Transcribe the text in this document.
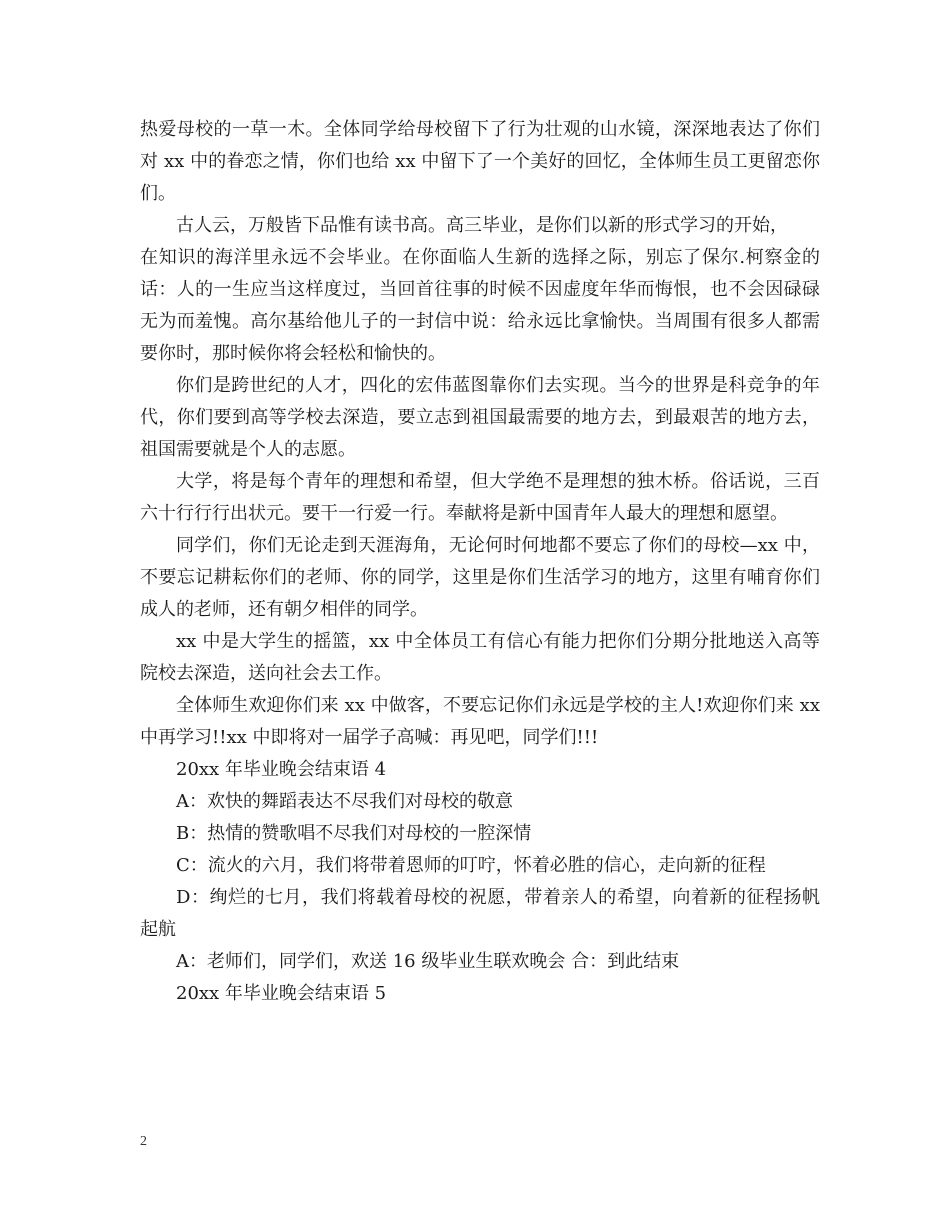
热爱母校的一草一木。全体同学给母校留下了行为壮观的山水镜，深深地表达了你们对 xx 中的眷恋之情，你们也给 xx 中留下了一个美好的回忆，全体师生员工更留恋你们。

古人云，万般皆下品惟有读书高。高三毕业，是你们以新的形式学习的开始，
在知识的海洋里永远不会毕业。在你面临人生新的选择之际，别忘了保尔.柯察金的话：人的一生应当这样度过，当回首往事的时候不因虚度年华而悔恨，也不会因碌碌无为而羞愧。高尔基给他儿子的一封信中说：给永远比拿愉快。当周围有很多人都需要你时，那时候你将会轻松和愉快的。

你们是跨世纪的人才，四化的宏伟蓝图靠你们去实现。当今的世界是科竞争的年代，你们要到高等学校去深造，要立志到祖国最需要的地方去，到最艰苦的地方去，祖国需要就是个人的志愿。

大学，将是每个青年的理想和希望，但大学绝不是理想的独木桥。俗话说，三百六十行行行出状元。要干一行爱一行。奉献将是新中国青年人最大的理想和愿望。

同学们，你们无论走到天涯海角，无论何时何地都不要忘了你们的母校—xx 中，不要忘记耕耘你们的老师、你的同学，这里是你们生活学习的地方，这里有哺育你们成人的老师，还有朝夕相伴的同学。

xx 中是大学生的摇篮，xx 中全体员工有信心有能力把你们分期分批地送入高等院校去深造，送向社会去工作。

全体师生欢迎你们来 xx 中做客，不要忘记你们永远是学校的主人!欢迎你们来 xx 中再学习!!xx 中即将对一届学子高喊：再见吧，同学们!!!

20xx 年毕业晚会结束语 4

A：欢快的舞蹈表达不尽我们对母校的敬意

B：热情的赞歌唱不尽我们对母校的一腔深情

C：流火的六月，我们将带着恩师的叮咛，怀着必胜的信心，走向新的征程

D：绚烂的七月，我们将载着母校的祝愿，带着亲人的希望，向着新的征程扬帆起航

A：老师们，同学们，欢送 16 级毕业生联欢晚会 合：到此结束

20xx 年毕业晚会结束语 5

2
